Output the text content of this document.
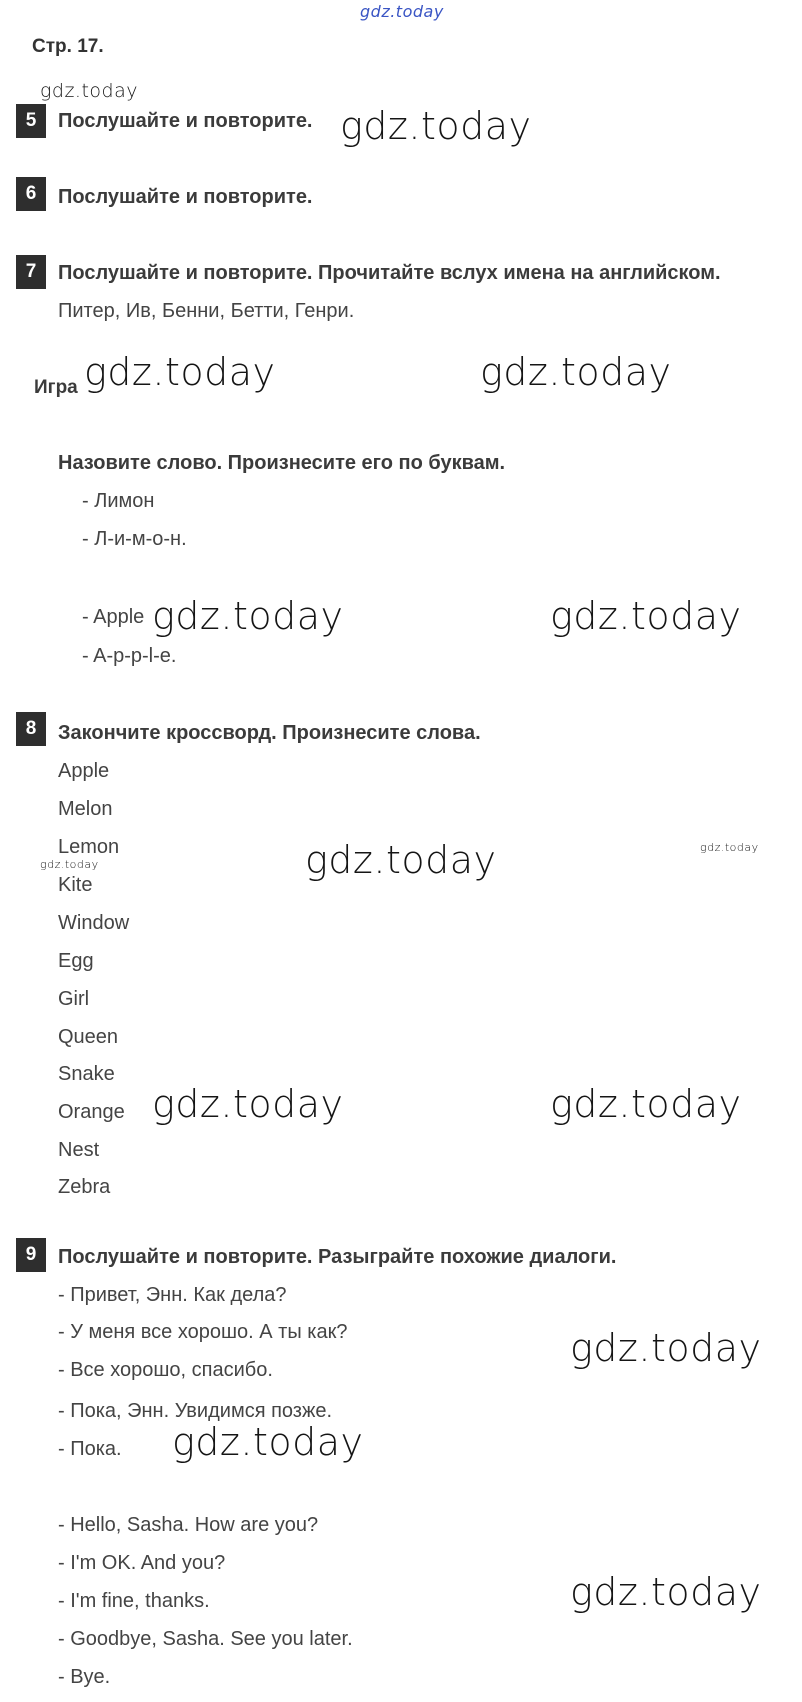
gdz.today
gdz.today
gdz.today
gdz.today	gdz.today
gdz.today	gdz.today
gdz.today	gdz.today
gdz.today
gdz.today	gdz.today
gdz.today
gdz.today
gdz.today
Стр. 17.
5	Послушайте и повторите.
6	Послушайте и повторите.
7	Послушайте и повторите. Прочитайте вслух имена на английском.
Питер, Ив, Бенни, Бетти, Генри.
Игра
Назовите слово. Произнесите его по буквам.
- Лимон
- Л-и-м-о-н.
- Apple
- A-p-p-l-e.
8	Закончите кроссворд. Произнесите слова.
Apple
Melon
Lemon
Kite
Window
Egg
Girl
Queen
Snake
Orange
Nest
Zebra
9	Послушайте и повторите. Разыграйте похожие диалоги.
- Привет, Энн. Как дела?
- У меня все хорошо. А ты как?
- Все хорошо, спасибо.
- Пока, Энн. Увидимся позже.
- Пока.
- Hello, Sasha. How are you?
- I'm OK. And you?
- I'm fine, thanks.
- Goodbye, Sasha. See you later.
- Bye.
